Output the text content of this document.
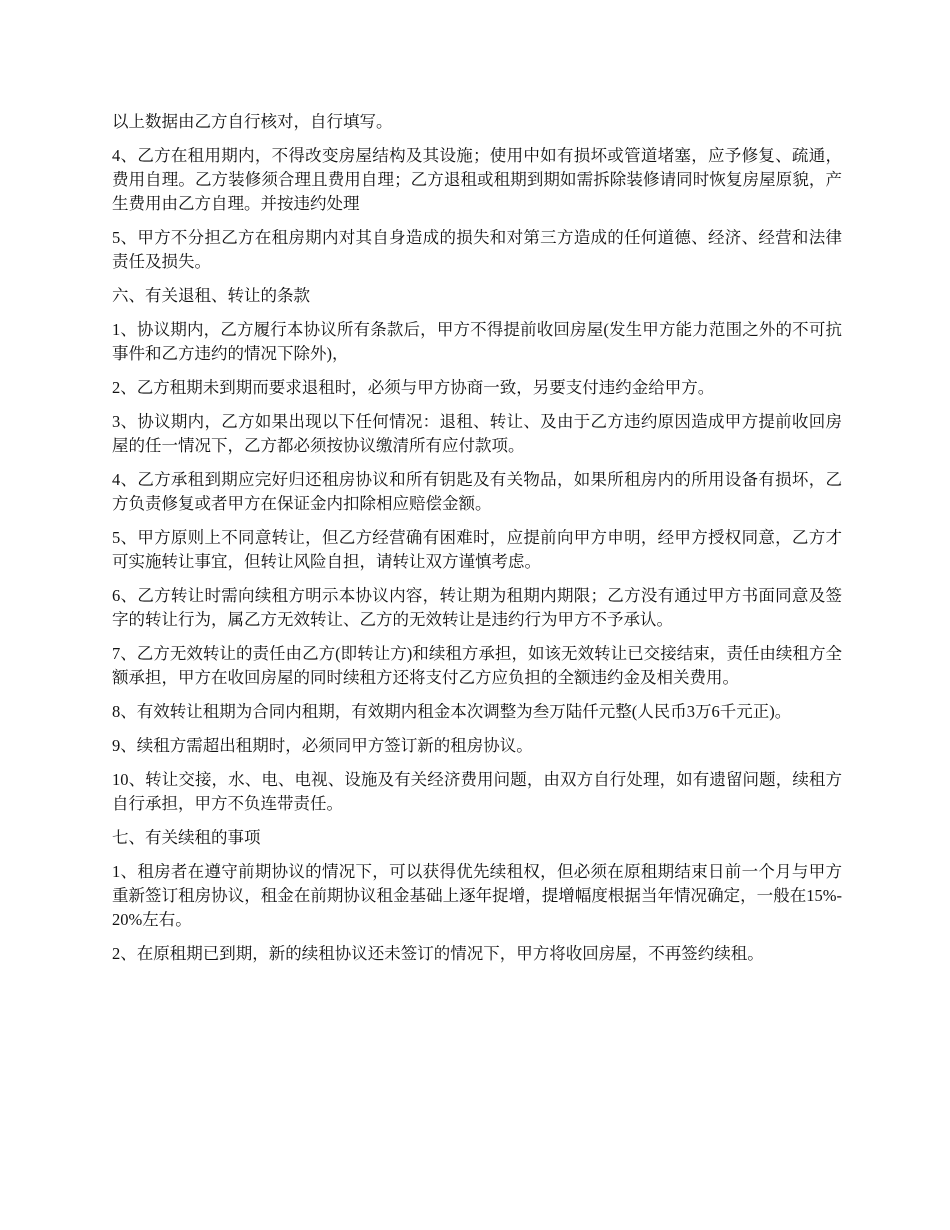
以上数据由乙方自行核对，自行填写。

4、乙方在租用期内，不得改变房屋结构及其设施；使用中如有损坏或管道堵塞，应予修复、疏通，费用自理。乙方装修须合理且费用自理；乙方退租或租期到期如需拆除装修请同时恢复房屋原貌，产生费用由乙方自理。并按违约处理

5、甲方不分担乙方在租房期内对其自身造成的损失和对第三方造成的任何道德、经济、经营和法律责任及损失。

六、有关退租、转让的条款

1、协议期内，乙方履行本协议所有条款后，甲方不得提前收回房屋(发生甲方能力范围之外的不可抗事件和乙方违约的情况下除外)，

2、乙方租期未到期而要求退租时，必须与甲方协商一致，另要支付违约金给甲方。

3、协议期内，乙方如果出现以下任何情况：退租、转让、及由于乙方违约原因造成甲方提前收回房屋的任一情况下，乙方都必须按协议缴清所有应付款项。

4、乙方承租到期应完好归还租房协议和所有钥匙及有关物品，如果所租房内的所用设备有损坏，乙方负责修复或者甲方在保证金内扣除相应赔偿金额。

5、甲方原则上不同意转让，但乙方经营确有困难时，应提前向甲方申明，经甲方授权同意，乙方才可实施转让事宜，但转让风险自担，请转让双方谨慎考虑。

6、乙方转让时需向续租方明示本协议内容，转让期为租期内期限；乙方没有通过甲方书面同意及签字的转让行为，属乙方无效转让、乙方的无效转让是违约行为甲方不予承认。

7、乙方无效转让的责任由乙方(即转让方)和续租方承担，如该无效转让已交接结束，责任由续租方全额承担，甲方在收回房屋的同时续租方还将支付乙方应负担的全额违约金及相关费用。

8、有效转让租期为合同内租期，有效期内租金本次调整为叁万陆仟元整(人民币3万6千元正)。

9、续租方需超出租期时，必须同甲方签订新的租房协议。

10、转让交接，水、电、电视、设施及有关经济费用问题，由双方自行处理，如有遗留问题，续租方自行承担，甲方不负连带责任。

七、有关续租的事项

1、租房者在遵守前期协议的情况下，可以获得优先续租权，但必须在原租期结束日前一个月与甲方重新签订租房协议，租金在前期协议租金基础上逐年捉增，提增幅度根据当年情况确定，一般在15%-20%左右。

2、在原租期已到期，新的续租协议还未签订的情况下，甲方将收回房屋，不再签约续租。
